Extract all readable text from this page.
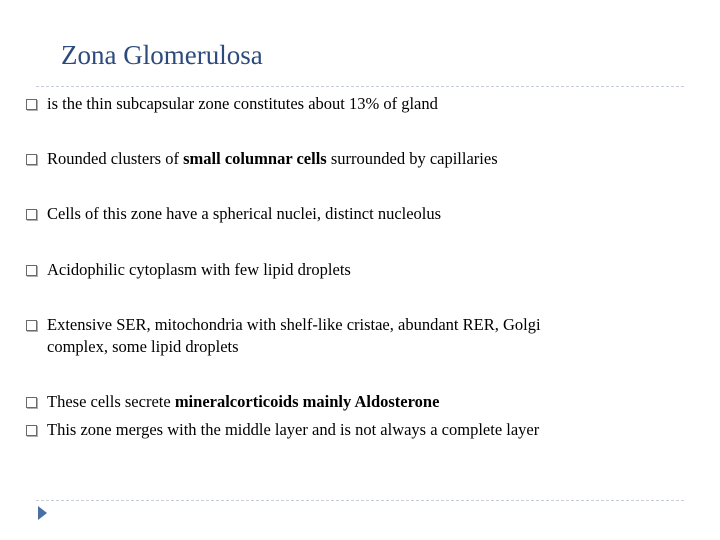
Zona Glomerulosa
is the thin subcapsular zone constitutes about 13% of gland
Rounded clusters of small columnar cells surrounded by capillaries
Cells of this zone have a spherical nuclei, distinct nucleolus
Acidophilic cytoplasm with few lipid droplets
Extensive SER, mitochondria with shelf-like cristae, abundant RER, Golgi
complex, some lipid droplets
These cells secrete mineralcorticoids mainly Aldosterone
This zone merges with the middle layer and is not always a complete layer
